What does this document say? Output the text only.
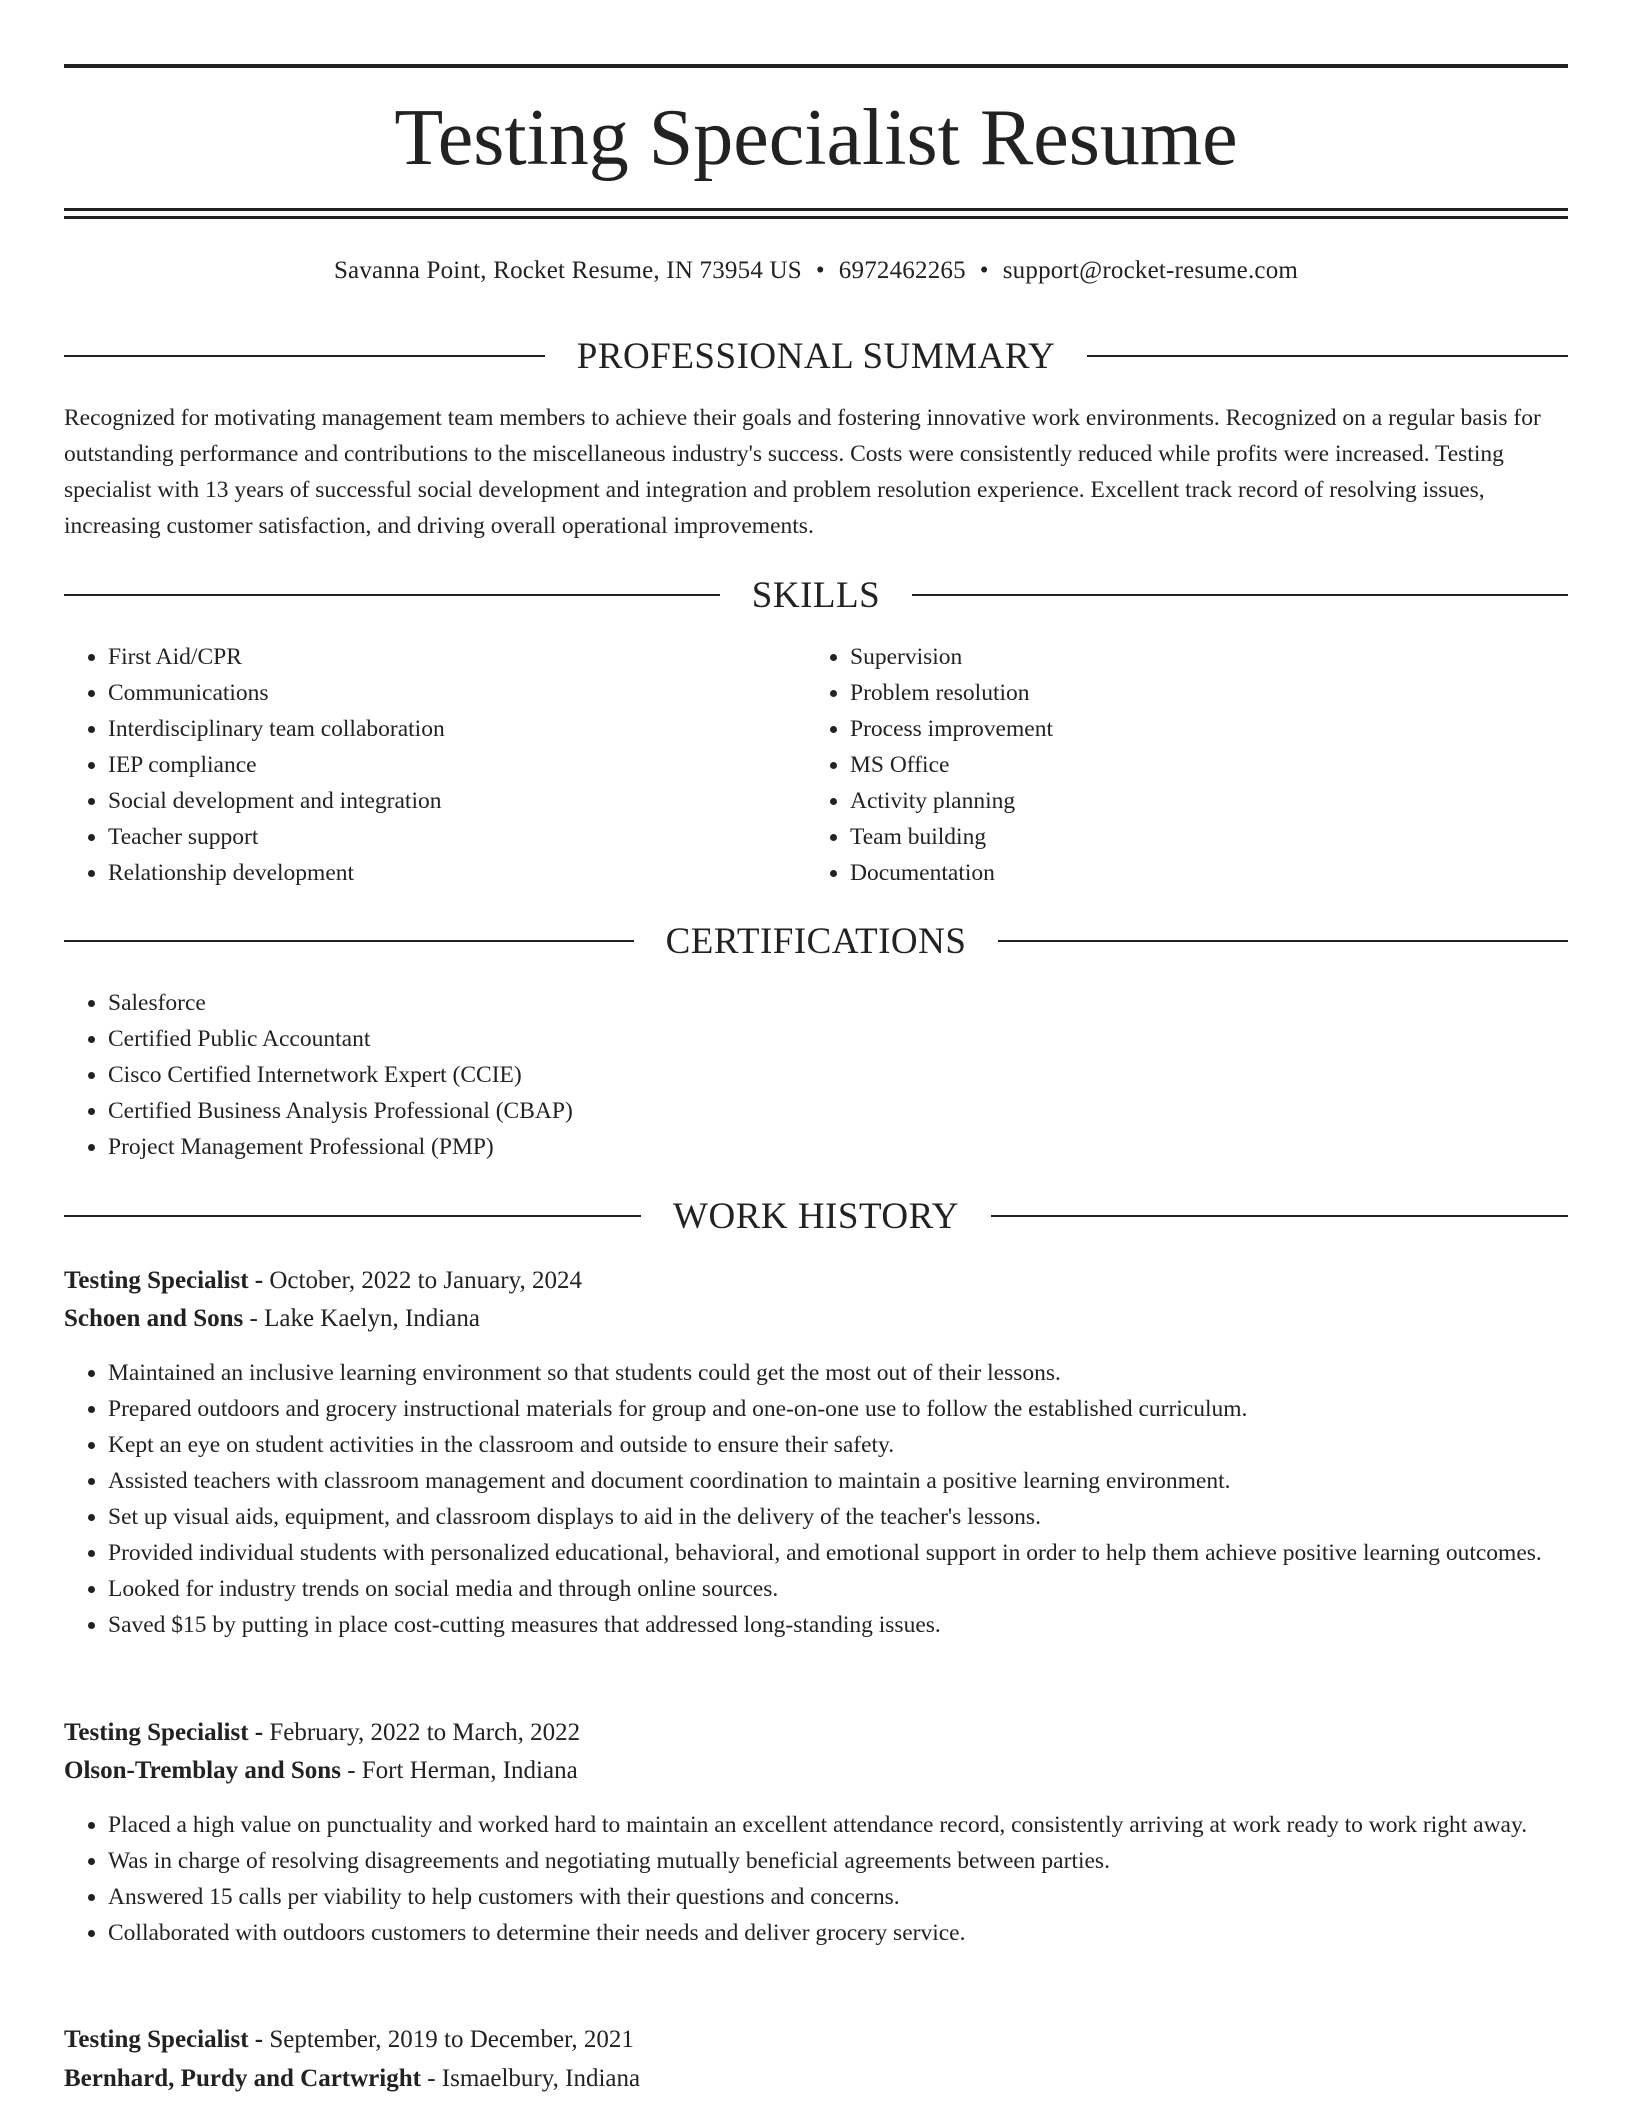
Testing Specialist Resume
Savanna Point, Rocket Resume, IN 73954 US • 6972462265 • support@rocket-resume.com
PROFESSIONAL SUMMARY

Recognized for motivating management team members to achieve their goals and fostering innovative work environments. Recognized on a regular basis for outstanding performance and contributions to the miscellaneous industry's success. Costs were consistently reduced while profits were increased. Testing specialist with 13 years of successful social development and integration and problem resolution experience. Excellent track record of resolving issues, increasing customer satisfaction, and driving overall operational improvements.

SKILLS
• First Aid/CPR
• Communications
• Interdisciplinary team collaboration
• IEP compliance
• Social development and integration
• Teacher support
• Relationship development
• Supervision
• Problem resolution
• Process improvement
• MS Office
• Activity planning
• Team building
• Documentation
CERTIFICATIONS
• Salesforce
• Certified Public Accountant
• Cisco Certified Internetwork Expert (CCIE)
• Certified Business Analysis Professional (CBAP)
• Project Management Professional (PMP)
WORK HISTORY
Testing Specialist - October, 2022 to January, 2024
Schoen and Sons - Lake Kaelyn, Indiana
• Maintained an inclusive learning environment so that students could get the most out of their lessons.
• Prepared outdoors and grocery instructional materials for group and one-on-one use to follow the established curriculum.
• Kept an eye on student activities in the classroom and outside to ensure their safety.
• Assisted teachers with classroom management and document coordination to maintain a positive learning environment.
• Set up visual aids, equipment, and classroom displays to aid in the delivery of the teacher's lessons.
• Provided individual students with personalized educational, behavioral, and emotional support in order to help them achieve positive learning outcomes.
• Looked for industry trends on social media and through online sources.
• Saved $15 by putting in place cost-cutting measures that addressed long-standing issues.
Testing Specialist - February, 2022 to March, 2022
Olson-Tremblay and Sons - Fort Herman, Indiana
• Placed a high value on punctuality and worked hard to maintain an excellent attendance record, consistently arriving at work ready to work right away.
• Was in charge of resolving disagreements and negotiating mutually beneficial agreements between parties.
• Answered 15 calls per viability to help customers with their questions and concerns.
• Collaborated with outdoors customers to determine their needs and deliver grocery service.
Testing Specialist - September, 2019 to December, 2021
Bernhard, Purdy and Cartwright - Ismaelbury, Indiana
